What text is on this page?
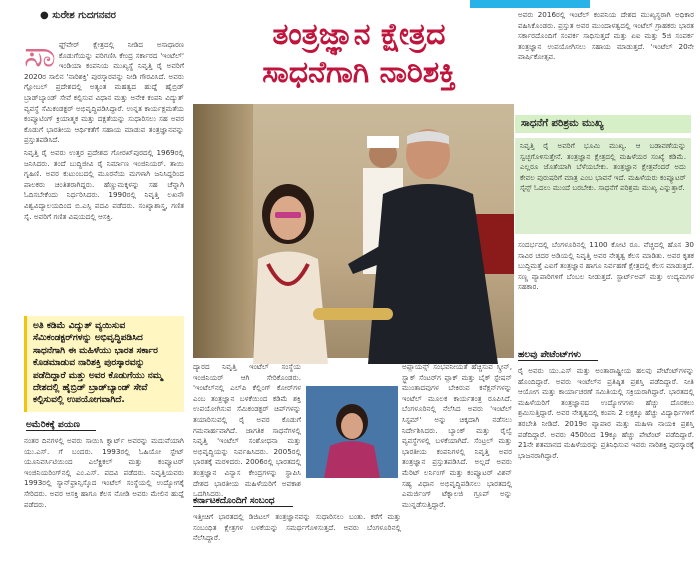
● ಸುರೇಶ ಗುದಗನವರ
ತಂತ್ರಜ್ಞಾನ ಕ್ಷೇತ್ರದ
ಸಾಧನೆಗಾಗಿ ನಾರಿಶಕ್ತಿ
ಸಾ ಫ್ಟ್‌ವೇರ್ ಕ್ಷೇತ್ರದಲ್ಲಿ ನೀಡಿದ ಅಸಾಧಾರಣ ಕೊಡುಗೆಯನ್ನು ಪರಿಗಣಿಸಿ ಕೇಂದ್ರ ಸರ್ಕಾರದ 'ಇಂಟೆಲ್' ಇಂಡಿಯಾ ಕಂಪನಿಯ ಮುಖ್ಯಸ್ಥೆ ನಿವೃತ್ತಿ ರೈ ಅವರಿಗೆ 2020ರ ಸಾಲಿನ 'ನಾರಿಶಕ್ತಿ' ಪುರಸ್ಕಾರವನ್ನು ನೀಡಿ ಗೌರವಿಸಿದೆ. ಅವರು ಗ್ಲೋಬಲ್ ಪ್ರದೇಶದಲ್ಲಿ ಅತ್ಯಂತ ಮಹತ್ವದ ಹುದ್ದೆ ಹೈಬ್ರಿಡ್ ಬ್ರಾಡ್‌ಬ್ಯಾಂಡ್ ಸೇವೆ ಕಲ್ಪಿಸುವ ವಿಧಾನ ಮತ್ತು ಅನೇಕ ಕಂಪನಿ ವಿದ್ಯುತ್ ವ್ಯವಸ್ಥೆ ಸೆಮಿಕಂಡಕ್ಟರ್ ಅಭಿವೃದ್ಧಿಪಡಿಸಿದ್ದಾರೆ. ಉನ್ನತ ಕಾರ್ಯಕ್ಷಮತೆಯ ಕಂಪ್ಯೂಟಿಂಗ್ ಕ್ರಿಯಾತ್ಮಕ ಮತ್ತು ದಕ್ಷತೆಯನ್ನು ಸುಧಾರಿಸಲು ಸಹ ಅವರ ಕೊಡುಗೆ ಭಾರತೀಯ ಆರ್ಥಿಕತೆಗೆ ಸಹಾಯ ಮಾಡುವ ತಂತ್ರಜ್ಞಾನವನ್ನು ಪ್ರಸ್ತುತಪಡಿಸಿದೆ.

ನಿವೃತ್ತಿ ರೈ ಅವರು ಉತ್ತರ ಪ್ರದೇಶದ ಗೋರಖ್‌ಪುರದಲ್ಲಿ 1969ರಲ್ಲಿ ಜನಿಸಿದರು. ತಂದೆ ಬುದ್ಧಿಜೀವಿ ರೈ ನಿರ್ಮಾಣ ಇಂಜಿನಿಯರ್. ತಾಯಿ ಗೃಹಿಣಿ. ಅವರ ಕುಟುಂಬದಲ್ಲಿ ಮೂರನೆಯ ಮಗಳಾಗಿ ಜನಿಸಿದ್ದರಿಂದ ಪಾಲಕರು ಚಿಂತಿತರಾಗಿದ್ದರು. ಹೆಣ್ಣುಮಕ್ಕಳನ್ನು ಸಹ ಚೆನ್ನಾಗಿ ಓದಿಸಬೇಕೆಂದು ನಿರ್ಧರಿಸಿದರು. 1990ರಲ್ಲಿ ನಿವೃತ್ತಿ ಲಖನೌ ವಿಶ್ವವಿದ್ಯಾಲಯದಿಂದ ಬಿ.ಎಸ್ಸಿ ಪದವಿ ಪಡೆದರು. ಸಂಖ್ಯಾಶಾಸ್ತ್ರ, ಗಣಿತ ಸೈ. ಅವರಿಗೆ ಗಣಿತ ವಿಷಯದಲ್ಲಿ ಆಸಕ್ತಿ.

ಅತಿ ಕಡಿಮೆ ವಿದ್ಯುತ್ ವ್ಯಯಿಸುವ ಸೆಮಿಕಂಡಕ್ಟರ್‌ಗಳನ್ನು ಅಭಿವೃದ್ಧಿಪಡಿಸಿದ ಸಾಧನೆಗಾಗಿ ಈ ಮಹಿಳೆಯು ಭಾರತ ಸರ್ಕಾರ ಕೊಡಮಾಡುವ ನಾರಿಶಕ್ತಿ ಪುರಸ್ಕಾರವನ್ನು ಪಡೆದಿದ್ದಾರೆ ಮತ್ತು ಅವರ ಕೊಡುಗೆಯು ನಮ್ಮ ದೇಶದಲ್ಲಿ ಹೈಬ್ರಿಡ್ ಬ್ರಾಡ್‌ಬ್ಯಾಂಡ್ ಸೇವೆ ಕಲ್ಪಿಸುವಲ್ಲಿ ಉಪಯೋಗವಾಗಿದೆ.
ಅಮೆರಿಕಕ್ಕೆ ಪಯಣ
ನಂತರ ದಿನಗಳಲ್ಲಿ ಅವರು ಸಾಯಿಸಿ ಕ್ವಾರ್ಟ್ ಅವರನ್ನು ಮದುವೆಯಾಗಿ ಯು.ಎಸ್. ಗೆ ಬಂದರು. 1993ರಲ್ಲಿ ಓಹಿಯೋ ಸ್ಟೇಟ್ ಯೂನಿವರ್ಸಿಟಿಯಿಂದ ಎಲೆಕ್ಟ್ರಿಕಲ್ ಮತ್ತು ಕಂಪ್ಯೂಟರ್ ಇಂಜಿನಿಯರಿಂಗ್‌ನಲ್ಲಿ ಎಂ.ಎಸ್. ಪದವಿ ಪಡೆದರು. ನಿವೃತ್ತಿಯವರು 1993ರಲ್ಲಿ ಸ್ಯಾನ್‌ಫ್ರಾನ್ಸಿಸ್ಕೊದ ಇಂಟೆಲ್ ಸಂಸ್ಥೆಯಲ್ಲಿ ಉದ್ಯೋಗಕ್ಕೆ ಸೇರಿದರು. ಅವರ ಆಸಕ್ತಿ ಹಾಗೂ ಕೆಲಸ ನೋಡಿ ಅವರು ಮೇಲಿನ ಹುದ್ದೆ ಪಡೆದರು.
ದ್ಯಾರದ ನಿವೃತ್ತಿ ಇಂಟೆಲ್ ಸಂಸ್ಥೆಯ ಇಂಜಿನಿಯರ್ ಆಗಿ ಸೇರಿಕೊಂಡರು. 'ಇಂಟೆಲ್‌ನಲ್ಲಿ ಎಲ್‌ಪಿ ಕೆಲ್ಲಿಂಗ್ ಕೋರ್‌ಗಳ ಎಂಬ ತಂತ್ರಜ್ಞಾನ ಬಳಕೆಯಿಂದ ಕಡಿಮೆ ಶಕ್ತಿ ಉಪಯೋಗಿಸುವ ಸೆಮಿಕಂಡಕ್ಟರ್ ಚಿಪ್‌ಗಳನ್ನು ತಯಾರಿಸುವಲ್ಲಿ ರೈ ಅವರ ಕೊಡುಗೆ ಗಮನಾರ್ಹವಾಗಿದೆ. ಜಾಗತಿಕ ಸಾಧನೆಗಳಲ್ಲಿ ನಿವೃತ್ತಿ 'ಇಂಟೆಲ್ ಸಂಶೋಧನಾ ಮತ್ತು ಅಭಿವೃದ್ಧಿಯನ್ನು ನಿರ್ವಹಿಸಿದರು. 2005ರಲ್ಲಿ ಭಾರತಕ್ಕೆ ಮರಳಿದರು. 2006ರಲ್ಲಿ ಭಾರತದಲ್ಲಿ ತಂತ್ರಜ್ಞಾನ ವಿನ್ಯಾಸ ಕೇಂದ್ರಗಳನ್ನು ಸ್ಥಾಪಿಸಿ ದೇಶದ ಭಾರತೀಯ ಮಹಿಳೆಯರಿಗೆ ಅವಕಾಶ ಒದಗಿಸಿದರು.
ಕರ್ನಾಟಕದೊಂದಿಗೆ ಸಂಬಂಧ
ಇತ್ತೀಚಿಗೆ ಭಾರತದಲ್ಲಿ ಡಿಜಿಟಲ್ ತಂತ್ರಜ್ಞಾನವನ್ನು ಸುಧಾರಿಸಲು ಬಂತು. ಕರೆಗೆ ಮತ್ತು ಸಂಬಂಧಿತ ಕ್ಷೇತ್ರಗಳ ಬಳಕೆಯನ್ನು ಸಮರ್ಥಗೊಳಿಸುತ್ತದೆ. ಅವರು ಬೆಂಗಳೂರಿನಲ್ಲಿ ನೆಲೆಸಿದ್ದಾರೆ.
ಅಪ್ಲಾಯನ್ಸ್ ಸಂಭವನೀಯತೆ ಹೆಚ್ಚಿಸುವ ಸ್ಕ್ರೀನ್, ಸ್ಟ್ಲಾಕ್ ಸೆಂಟರ್‌ಗ ಪ್ಲಾಕ್ ಮತ್ತು ಬೈಕ್ ಸ್ಟೇಷನ್ ಮುಂತಾದವುಗಳ ಬೇಕಿರುವ ಕನೆಕ್ಷನ್‌ಗಳನ್ನು ಇಂಟೆಲ್ ಮೂಲಕ ಕಾರ್ಯತಂತ್ರ ರೂಪಿಸಿದೆ. ಬೆಂಗಳೂರಿನಲ್ಲಿ ನೆಲೆಸಿದ ಅವರು 'ಇಂಟೆಲ್ ಸಿಸ್ಟಮ್' ಅನ್ನು ಚಿಕ್ಕದಾಗಿ ನಡೆಸಲು ನಿರ್ದೇಶಿಸಿದರು. ಬ್ಯಾಂಕ್ ಮತ್ತು ರೈಲ್ವೆ ವ್ಯವಸ್ಥೆಗಳಲ್ಲಿ ಬಳಕೆಯಾಗಿದೆ. ಸೆಂಟ್ರಲ್ ಮತ್ತು ಭಾರತೀಯ ಕಂಪನಿಗಳಲ್ಲಿ ನಿವೃತ್ತಿ ಅವರ ತಂತ್ರಜ್ಞಾನ ಪ್ರಸ್ತುತಪಡಿಸಿದೆ. ಅಲ್ಲದೆ ಅವರು ಮೆರಿಟ್ ಲರ್ನಿಂಗ್ ಮತ್ತು ಕಂಪ್ಯೂಟರ್ ವಿಶನ್ ಸಹ್ಯ ವಿಧಾನ ಅಭಿವೃದ್ಧಿಪಡಿಸಲು ಭಾರತದಲ್ಲಿ ಎಮರ್ಜಿಂಗ್ ಟೆಕ್ನಾಲಜಿ ಗ್ರೂಪ್ ಅನ್ನು ಮುನ್ನಡೆಸುತ್ತಿದ್ದಾರೆ.
ಅವರು 2016ರಲ್ಲಿ ಇಂಟೆಲ್ ಕಂಪನಿಯ ದೇಶದ ಮುಖ್ಯಸ್ಥರಾಗಿ ಅಧಿಕಾರ ವಹಿಸಿಕೊಂಡರು. ಪ್ರಸ್ತುತ ಅವರ ಮುಂದಾಳತ್ವದಲ್ಲಿ ಇಂಟೆಲ್ ಗ್ರಾಹಕರು ಭಾರತ ಸರ್ಕಾರದೊಂದಿಗೆ ಸಂಪರ್ಕ ಸಾಧಿಸುತ್ತದೆ ಮತ್ತು ಏಐ ಮತ್ತು 5ಜಿ ಸಂಪರ್ಕ ತಂತ್ರಜ್ಞಾನ ಉಪಯೋಗಿಸಲು ಸಹಾಯ ಮಾಡುತ್ತದೆ. 'ಇಂಟೆಲ್ 20ನೇ ವಾರ್ಷಿಕೋತ್ಸವ.
ಸಾಧನೆಗೆ ಪರಿಶ್ರಮ ಮುಖ್ಯ
ನಿವೃತ್ತಿ ರೈ ಅವರಿಗೆ ಭೂಮಿ ಮುಖ್ಯ. ಆ ಬಡಾವಣೆಯನ್ನು ಸ್ವಚ್ಛಗೊಳಿಸುತ್ತೇನೆ. ತಂತ್ರಜ್ಞಾನ ಕ್ಷೇತ್ರದಲ್ಲಿ ಮಹಿಳೆಯರ ಸಂಖ್ಯೆ ಕಡಿಮೆ. ಎಲ್ಲರೂ ಜೊತೆಯಾಗಿ ಬೆಳೆಯಬೇಕು. ತಂತ್ರಜ್ಞಾನ ಕ್ಷೇತ್ರವೆಂದರೆ ಅದು ಕೇವಲ ಪುರುಷರಿಗೆ ಮಾತ್ರ ಎಂಬ ಭಾವನೆ ಇದೆ. ಮಹಿಳೆಯರು ಕಂಪ್ಯೂಟರ್ ಸೈನ್ಸ್‌ ಓದಲು ಮುಂದೆ ಬರಬೇಕು. ಸಾಧನೆಗೆ ಪರಿಶ್ರಮ ಮುಖ್ಯ ಎನ್ನುತ್ತಾರೆ.
ಸಂದರ್ಭದಲ್ಲಿ ಬೆಂಗಳೂರಿನಲ್ಲಿ 1100 ಕೋಟಿ ರೂ. ವೆಚ್ಚದಲ್ಲಿ ಹೊಸ 30 ಸಾವಿರ ಚದರ ಅಡಿಯಲ್ಲಿ ನಿವೃತ್ತಿ ಅವರ ನೇತೃತ್ವ ಕೆಲಸ ಮಾಡಿತು. ಅವರ ಕೃತಕ ಬುದ್ಧಿಮತ್ತೆ ಎಐಗೆ ತಂತ್ರಜ್ಞಾನ ಹಾಗೂ ನಿರ್ವಹಣೆ ಕ್ಷೇತ್ರದಲ್ಲಿ ಕೆಲಸ ಮಾಡುತ್ತದೆ. ಸಣ್ಣ ವ್ಯಾಪಾರಿಗಳಿಗೆ ಬೆಂಬಲ ನೀಡುತ್ತದೆ. ಸ್ಟಾರ್ಟ್‌ಅಪ್ ಮತ್ತು ಉದ್ಯಮಗಳ ಸಹಕಾರ.
ಹಲವು ಪೇಟೆಂಟ್‌ಗಳು
ರೈ ಅವರು ಯು.ಎಸ್ ಮತ್ತು ಅಂತಾರಾಷ್ಟ್ರೀಯ ಹಲವು ಪೇಟೆಂಟ್‌ಗಳನ್ನು ಹೊಂದಿದ್ದಾರೆ. ಅವರು ಇಂಟೆಲ್‌ನ ಪ್ರತಿಷ್ಠಿತ ಪ್ರಶಸ್ತಿ ಪಡೆದಿದ್ದಾರೆ. ನೀತಿ ಆಯೋಗ ಮತ್ತು ಕಾರ್ಯಾಚರಣೆ ಸಮಿತಿಯಲ್ಲಿ ಸಕ್ರಿಯರಾಗಿದ್ದಾರೆ. ಭಾರತದಲ್ಲಿ ಮಹಿಳೆಯರಿಗೆ ತಂತ್ರಜ್ಞಾನದ ಉದ್ಯೋಗಗಳು ಹೆಚ್ಚು ದೊರಕಲು ಶ್ರಮಿಸುತ್ತಿದ್ದಾರೆ. ಅವರ ನೇತೃತ್ವದಲ್ಲಿ ಕಂಪನಿ 2 ಲಕ್ಷಕ್ಕೂ ಹೆಚ್ಚು ವಿದ್ಯಾರ್ಥಿಗಳಿಗೆ ತರಬೇತಿ ನೀಡಿದೆ. 2019ರ ವ್ಯಾಪಾರ ಮತ್ತು ಮಹಿಳಾ ನಾಯಕಿ ಪ್ರಶಸ್ತಿ ಪಡೆದಿದ್ದಾರೆ. ಅವರು 450ರಿಂದ 19ಕ್ಕೂ ಹೆಚ್ಚು ಪೇಟೆಂಟ್ ಪಡೆದಿದ್ದಾರೆ. 21ನೇ ಶತಮಾನದ ಮಹಿಳೆಯರನ್ನು ಪ್ರತಿನಿಧಿಸುವ ಇವರು ನಾರಿಶಕ್ತಿ ಪುರಸ್ಕಾರಕ್ಕೆ ಭಾಜನರಾಗಿದ್ದಾರೆ.
